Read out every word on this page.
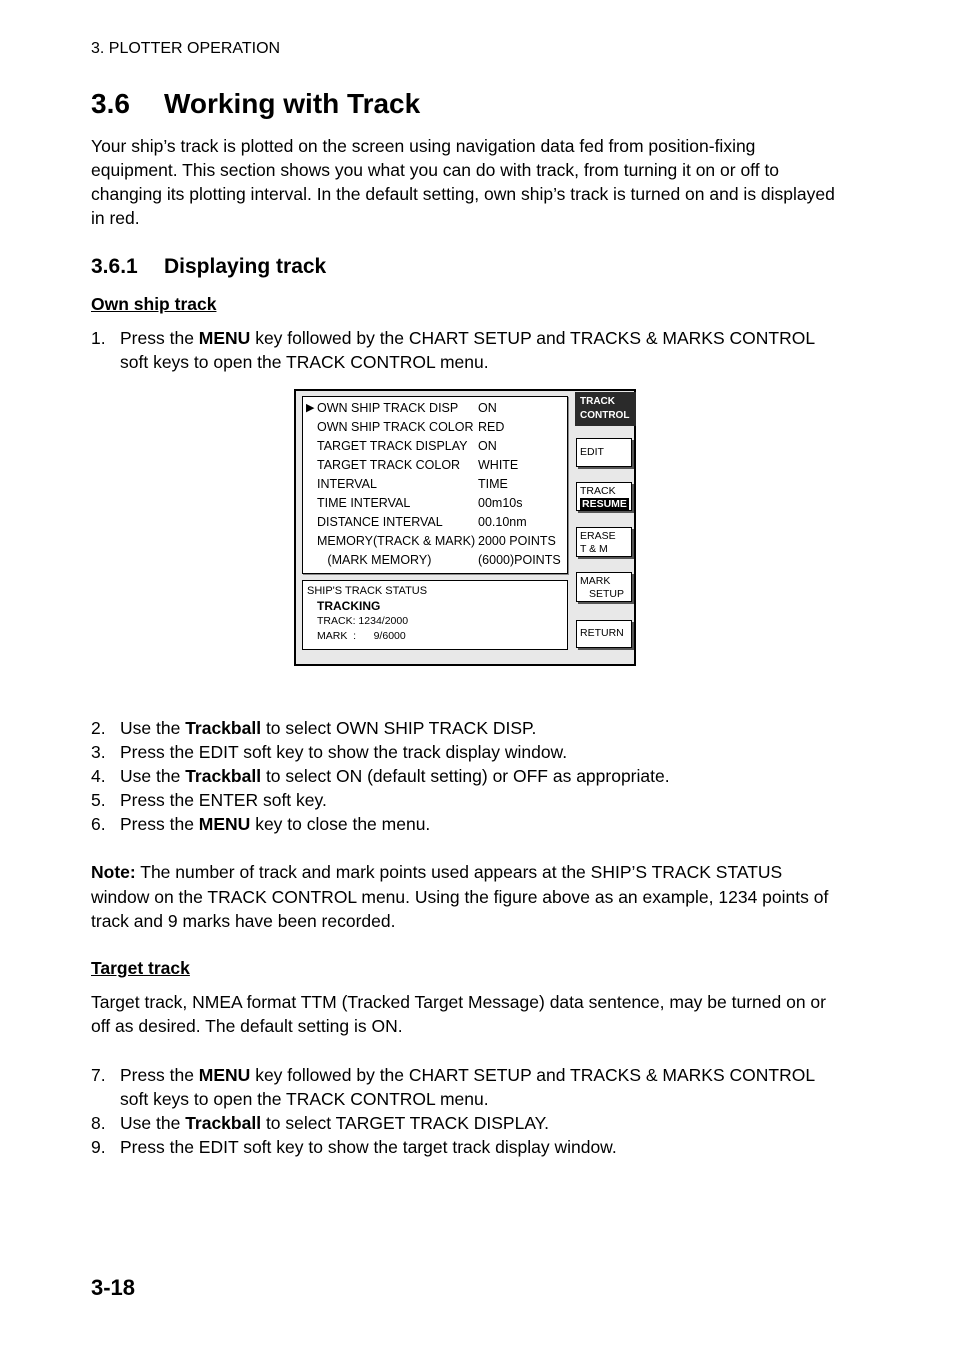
3. PLOTTER OPERATION
3.6 Working with Track
Your ship’s track is plotted on the screen using navigation data fed from position-fixing equipment. This section shows you what you can do with track, from turning it on or off to changing its plotting interval. In the default setting, own ship’s track is turned on and is displayed in red.
3.6.1 Displaying track
Own ship track
1. Press the MENU key followed by the CHART SETUP and TRACKS & MARKS CONTROL soft keys to open the TRACK CONTROL menu.
▶ OWN SHIP TRACK DISP ON
OWN SHIP TRACK COLOR RED
TARGET TRACK DISPLAY ON
TARGET TRACK COLOR WHITE
INTERVAL	TIME
TIME INTERVAL	00m10s
DISTANCE INTERVAL	00.10nm
MEMORY(TRACK & MARK) 2000 POINTS
(MARK MEMORY)	(6000)POINTS
SHIP'S TRACK STATUS
TRACKING
TRACK: 1234/2000
MARK  :      9/6000
TRACK
CONTROL
EDIT
TRACK
RESUME
ERASE
T & M
MARK
SETUP
RETURN
2. Use the Trackball to select OWN SHIP TRACK DISP.
3. Press the EDIT soft key to show the track display window.
4. Use the Trackball to select ON (default setting) or OFF as appropriate.
5. Press the ENTER soft key.
6. Press the MENU key to close the menu.
Note: The number of track and mark points used appears at the SHIP’S TRACK STATUS window on the TRACK CONTROL menu. Using the figure above as an example, 1234 points of track and 9 marks have been recorded.
Target track
Target track, NMEA format TTM (Tracked Target Message) data sentence, may be turned on or off as desired. The default setting is ON.
7. Press the MENU key followed by the CHART SETUP and TRACKS & MARKS CONTROL soft keys to open the TRACK CONTROL menu.
8. Use the Trackball to select TARGET TRACK DISPLAY.
9. Press the EDIT soft key to show the target track display window.
3-18
